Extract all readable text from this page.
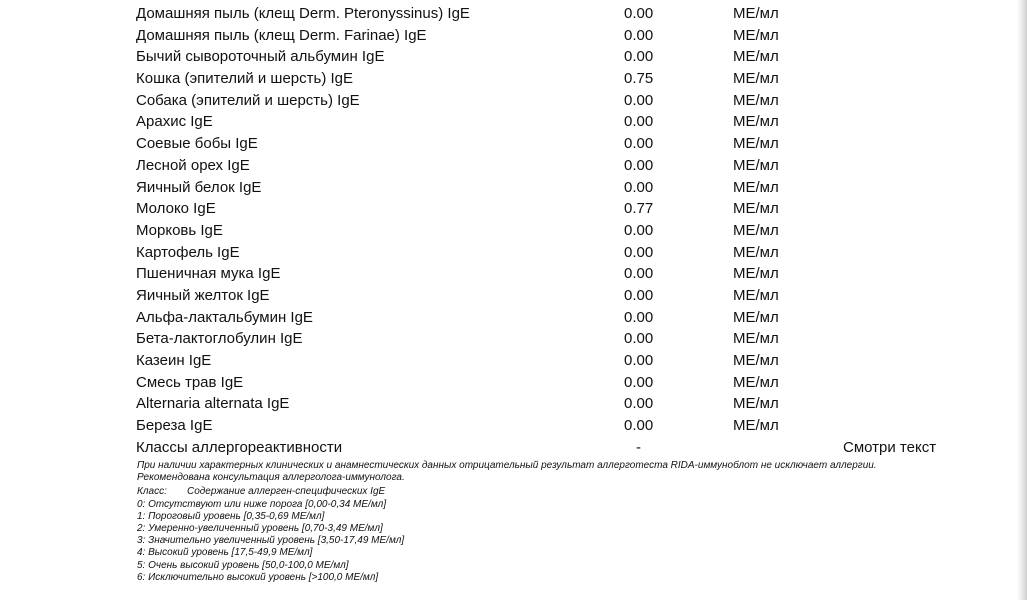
Домашняя пыль (клещ Derm. Pteronyssinus) IgE	0.00	МЕ/мл
Домашняя пыль (клещ Derm. Farinae) IgE	0.00	МЕ/мл
Бычий сывороточный альбумин IgE	0.00	МЕ/мл
Кошка (эпителий и шерсть) IgE	0.75	МЕ/мл
Собака (эпителий и шерсть) IgE	0.00	МЕ/мл
Арахис IgE	0.00	МЕ/мл
Соевые бобы IgE	0.00	МЕ/мл
Лесной орех IgE	0.00	МЕ/мл
Яичный белок IgE	0.00	МЕ/мл
Молоко IgE	0.77	МЕ/мл
Морковь IgE	0.00	МЕ/мл
Картофель IgE	0.00	МЕ/мл
Пшеничная мука IgE	0.00	МЕ/мл
Яичный желток IgE	0.00	МЕ/мл
Альфа-лактальбумин IgE	0.00	МЕ/мл
Бета-лактоглобулин IgE	0.00	МЕ/мл
Казеин IgE	0.00	МЕ/мл
Смесь трав IgE	0.00	МЕ/мл
Alternaria alternata IgE	0.00	МЕ/мл
Береза IgE	0.00	МЕ/мл
Классы аллергореактивности	-	Смотри текст

При наличии характерных клинических и анамнестических данных отрицательный результат аллерготеста RIDA-иммуноблот не исключает аллергии.

Рекомендована консультация аллерголога-иммунолога.

Класс: Содержание аллерген-специфических IgE

0: Отсутствуют или ниже порога [0,00-0,34 МЕ/мл]

1: Пороговый уровень [0,35-0,69 МЕ/мл]

2: Умеренно-увеличенный уровень [0,70-3,49 МЕ/мл]

3: Значительно увеличенный уровень [3,50-17,49 МЕ/мл]

4: Высокий уровень [17,5-49,9 МЕ/мл]

5: Очень высокий уровень [50,0-100,0 МЕ/мл]

6: Исключительно высокий уровень [>100,0 МЕ/мл]
